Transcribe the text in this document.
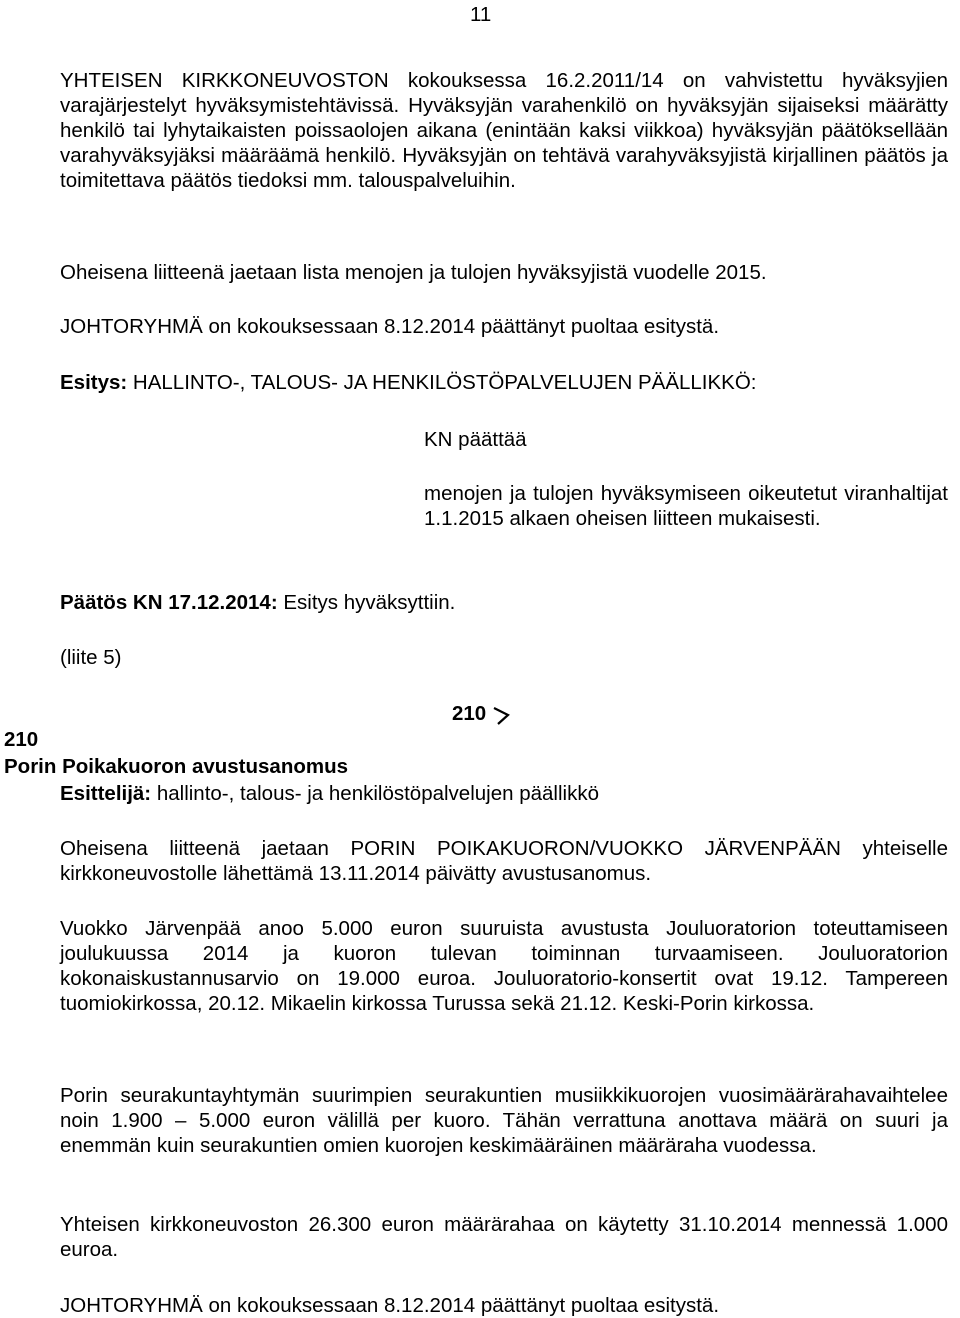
11

YHTEISEN KIRKKONEUVOSTON kokouksessa 16.2.2011/14 on vahvistettu hyväksyjien varajärjestelyt hyväksymistehtävissä. Hyväksyjän varahenkilö on hyväksyjän sijaiseksi määrätty henkilö tai lyhytaikaisten poissaolojen aikana (enintään kaksi viikkoa) hyväksyjän päätöksellään varahyväksyjäksi määräämä henkilö. Hyväksyjän on tehtävä varahyväksyjistä kirjallinen päätös ja toimitettava päätös tiedoksi mm. talouspalveluihin.

Oheisena liitteenä jaetaan lista menojen ja tulojen hyväksyjistä vuodelle 2015.

JOHTORYHMÄ on kokouksessaan 8.12.2014 päättänyt puoltaa esitystä.

Esitys: HALLINTO-, TALOUS- JA HENKILÖSTÖPALVELUJEN PÄÄLLIKKÖ:

KN päättää

menojen ja tulojen hyväksymiseen oikeutetut viranhaltijat 1.1.2015 alkaen oheisen liitteen mukaisesti.

Päätös KN 17.12.2014: Esitys hyväksyttiin.

(liite 5)

210
210
Porin Poikakuoron avustusanomus
Esittelijä: hallinto-, talous- ja henkilöstöpalvelujen päällikkö

Oheisena liitteenä jaetaan PORIN POIKAKUORON/VUOKKO JÄRVENPÄÄN yhteiselle kirkkoneuvostolle lähettämä 13.11.2014 päivätty avustusanomus.

Vuokko Järvenpää anoo 5.000 euron suuruista avustusta Jouluoratorion toteuttamiseen joulukuussa 2014 ja kuoron tulevan toiminnan turvaamiseen. Jouluoratorion kokonaiskustannusarvio on 19.000 euroa. Jouluoratorio-konsertit ovat 19.12. Tampereen tuomiokirkossa, 20.12. Mikaelin kirkossa Turussa sekä 21.12. Keski-Porin kirkossa.

Porin seurakuntayhtymän suurimpien seurakuntien musiikkikuorojen vuosimäärärahavaihtelee noin 1.900 – 5.000 euron välillä per kuoro. Tähän verrattuna anottava määrä on suuri ja enemmän kuin seurakuntien omien kuorojen keskimääräinen määräraha vuodessa.

Yhteisen kirkkoneuvoston 26.300 euron määrärahaa on käytetty 31.10.2014 mennessä 1.000 euroa.

JOHTORYHMÄ on kokouksessaan 8.12.2014 päättänyt puoltaa esitystä.
